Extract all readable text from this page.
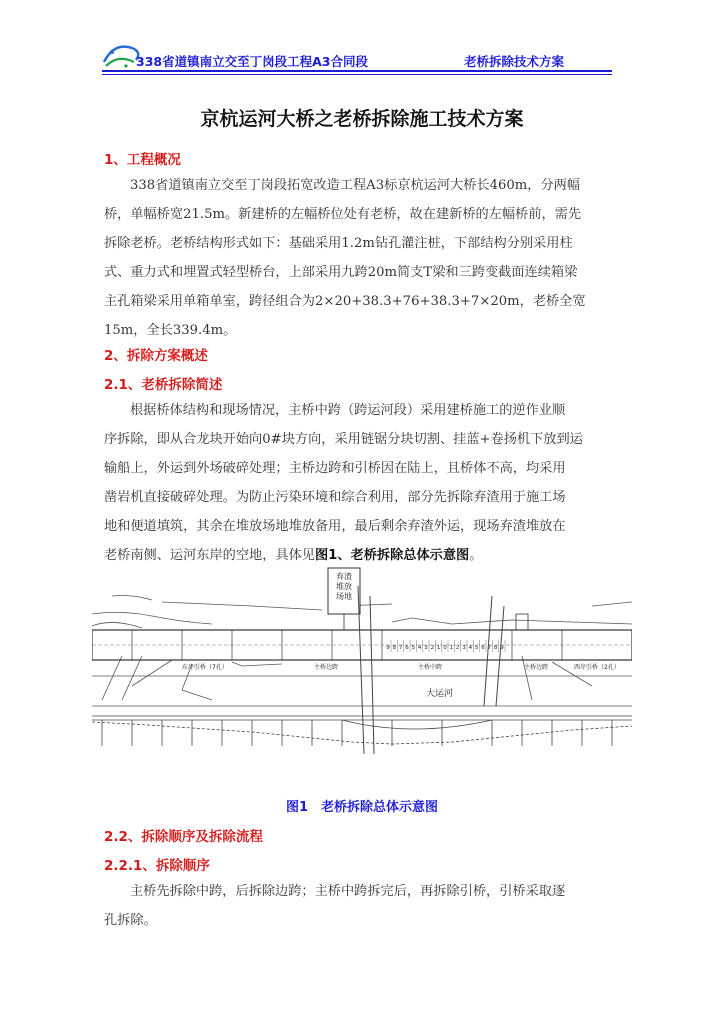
338省道镇南立交至丁岗段工程A3合同段	老桥拆除技术方案
京杭运河大桥之老桥拆除施工技术方案
1、工程概况
338省道镇南立交至丁岗段拓宽改造工程A3标京杭运河大桥长460m，分两幅
桥，单幅桥宽21.5m。新建桥的左幅桥位处有老桥，故在建新桥的左幅桥前，需先
拆除老桥。老桥结构形式如下：基础采用1.2m钻孔灌注桩，下部结构分别采用柱
式、重力式和埋置式轻型桥台，上部采用九跨20m简支T梁和三跨变截面连续箱梁
主孔箱梁采用单箱单室，跨径组合为2×20+38.3+76+38.3+7×20m，老桥全宽
15m，全长339.4m。
2、拆除方案概述
2.1、老桥拆除简述
根据桥体结构和现场情况，主桥中跨（跨运河段）采用建桥施工的逆作业顺
序拆除，即从合龙块开始向0#块方向，采用链锯分块切割、挂蓝+卷扬机下放到运
输船上，外运到外场破碎处理；主桥边跨和引桥因在陆上，且桥体不高，均采用
凿岩机直接破碎处理。为防止污染环境和综合利用，部分先拆除弃渣用于施工场
地和便道填筑，其余在堆放场地堆放备用，最后剩余弃渣外运，现场弃渣堆放在
老桥南侧、运河东岸的空地，具体见图1、老桥拆除总体示意图。
弃渣堆放场地
9 8 7 6 5 4 3 2 1 0 1 2 3 4 5 6 7 8 9
东岸引桥（7孔）	主桥边跨	主桥中跨	主桥边跨	西岸引桥（2孔）
大运河
图1　老桥拆除总体示意图
2.2、拆除顺序及拆除流程
2.2.1、拆除顺序
主桥先拆除中跨，后拆除边跨；主桥中跨拆完后，再拆除引桥，引桥采取逐
孔拆除。
